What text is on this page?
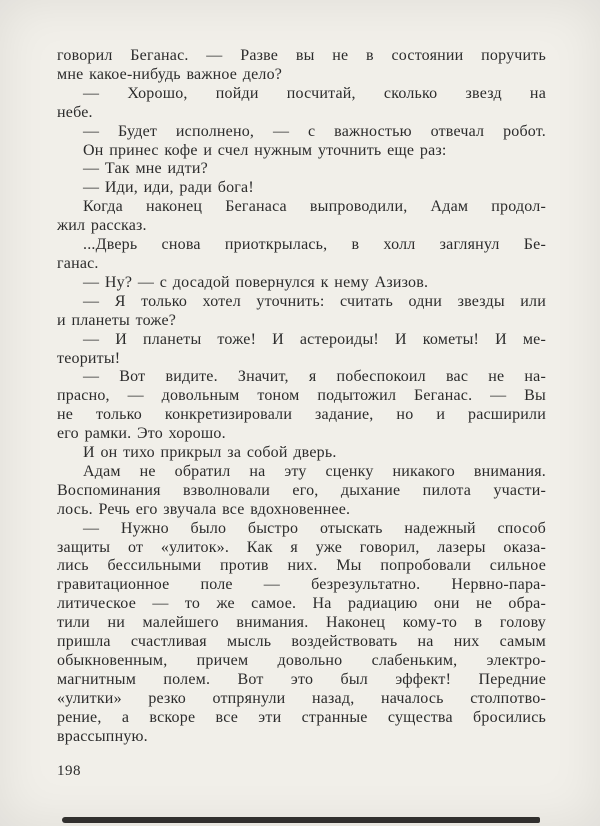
говорил Беганас. — Разве вы не в состоянии поручить
мне какое-нибудь важное дело?
— Хорошо, пойди посчитай, сколько звезд на
небе.
— Будет исполнено, — с важностью отвечал робот.
Он принес кофе и счел нужным уточнить еще раз:
— Так мне идти?
— Иди, иди, ради бога!
Когда наконец Беганаса выпроводили, Адам продол-
жил рассказ.
...Дверь снова приоткрылась, в холл заглянул Бе-
ганас.
— Ну? — с досадой повернулся к нему Азизов.
— Я только хотел уточнить: считать одни звезды или
и планеты тоже?
— И планеты тоже! И астероиды! И кометы! И ме-
теориты!
— Вот видите. Значит, я побеспокоил вас не на-
прасно, — довольным тоном подытожил Беганас. — Вы
не только конкретизировали задание, но и расширили
его рамки. Это хорошо.
И он тихо прикрыл за собой дверь.
Адам не обратил на эту сценку никакого внимания.
Воспоминания взволновали его, дыхание пилота участи-
лось. Речь его звучала все вдохновеннее.
— Нужно было быстро отыскать надежный способ
защиты от «улиток». Как я уже говорил, лазеры оказа-
лись бессильными против них. Мы попробовали сильное
гравитационное поле — безрезультатно. Нервно-пара-
литическое — то же самое. На радиацию они не обра-
тили ни малейшего внимания. Наконец кому-то в голову
пришла счастливая мысль воздействовать на них самым
обыкновенным, причем довольно слабеньким, электро-
магнитным полем. Вот это был эффект! Передние
«улитки» резко отпрянули назад, началось столпотво-
рение, а вскоре все эти странные существа бросились
врассыпную.
198
